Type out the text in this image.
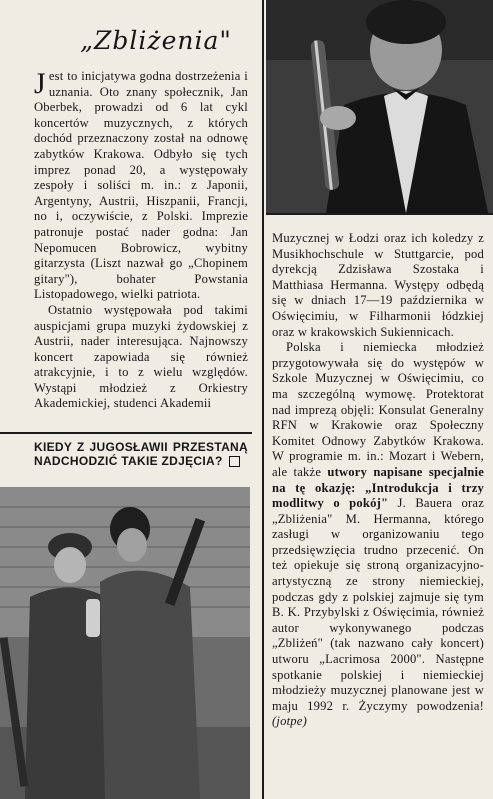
„Zbliżenia"

Jest to inicjatywa godna dostrzeżenia i uznania. Oto znany społecznik, Jan Oberbek, prowadzi od 6 lat cykl koncertów muzycznych, z których dochód przeznaczony został na odnowę zabytków Krakowa. Odbyło się tych imprez ponad 20, a występowały zespoły i soliści m. in.: z Japonii, Argentyny, Austrii, Hiszpanii, Francji, no i, oczywiście, z Polski. Imprezie patronuje postać nader godna: Jan Nepomucen Bobrowicz, wybitny gitarzysta (Liszt nazwał go „Chopinem gitary"), bohater Powstania Listopadowego, wielki patriota.

Ostatnio występowała pod takimi auspicjami grupa muzyki żydowskiej z Austrii, nader interesująca. Najnowszy koncert zapowiada się również atrakcyjnie, i to z wielu względów. Wystąpi młodzież z Orkiestry Akademickiej, studenci Akademii

KIEDY Z JUGOSŁAWII PRZESTANĄ NADCHODZIĆ TAKIE ZDJĘCIA?

Muzycznej w Łodzi oraz ich koledzy z Musikhochschule w Stuttgarcie, pod dyrekcją Zdzisława Szostaka i Matthiasa Hermanna. Występy odbędą się w dniach 17—19 października w Oświęcimiu, w Filharmonii łódzkiej oraz w krakowskich Sukiennicach.

Polska i niemiecka młodzież przygotowywała się do występów w Szkole Muzycznej w Oświęcimiu, co ma szczególną wymowę. Protektorat nad imprezą objęli: Konsulat Generalny RFN w Krakowie oraz Społeczny Komitet Odnowy Zabytków Krakowa. W programie m. in.: Mozart i Webern, ale także utwory napisane specjalnie na tę okazję: „Introdukcja i trzy modlitwy o pokój" J. Bauera oraz „Zbliżenia" M. Hermanna, którego zasługi w organizowaniu tego przedsięwzięcia trudno przecenić. On też opiekuje się stroną organizacyjno-artystyczną ze strony niemieckiej, podczas gdy z polskiej zajmuje się tym B. K. Przybylski z Oświęcimia, również autor wykonywanego podczas „Zbliżeń" (tak nazwano cały koncert) utworu „Lacrimosa 2000". Następne spotkanie polskiej i niemieckiej młodzieży muzycznej planowane jest w maju 1992 r. Życzymy powodzenia! (jotpe)
